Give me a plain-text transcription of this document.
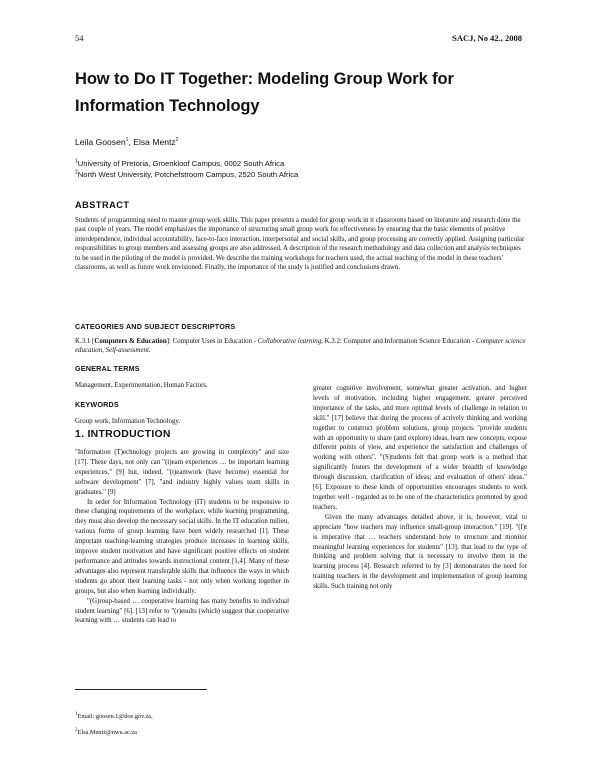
54	SACJ, No 42., 2008
How to Do IT Together: Modeling Group Work for Information Technology
Leila Goosen$^1$, Elsa Mentz$^2$
$^1$University of Pretoria, Groenkloof Campus, 0002 South Africa
$^2$North West University, Potchefstroom Campus, 2520 South Africa
ABSTRACT

Students of programming need to master group work skills. This paper presents a model for group work in it classrooms based on literature and research done the past couple of years. The model emphasizes the importance of structuring small group work for effectiveness by ensuring that the basic elements of positive interdependence, individual accountability, face-to-face interaction, interpersonal and social skills, and group processing are correctly applied. Assigning particular responsibilities to group members and assessing groups are also addressed. A description of the research methodology and data collection and analysis techniques to be used in the piloting of the model is provided. We describe the training workshops for teachers used, the actual teaching of the model in these teachers' classrooms, as well as future work envisioned. Finally, the importance of the study is justified and conclusions drawn.

CATEGORIES AND SUBJECT DESCRIPTORS

K.3.1 [Computers & Education]: Computer Uses in Education - Collaborative learning, K.3.2: Computer and Information Science Education - Computer science education, Self-assessment.

GENERAL TERMS

Management, Experimentation, Human Factors.

KEYWORDS

Group work, Information Technology.

1. INTRODUCTION

"Information (T)echnology projects are growing in complexity" and size [17]. These days, not only can "(t)eam experiences … be important learning experiences," [9] but, indeed, "(t)eamwork (have become) essential for software development" [7], "and industry highly values team skills in graduates." [9]

In order for Information Technology (IT) students to be responsive to these changing requirements of the workplace, while learning programming, they must also develop the necessary social skills. In the IT education milieu, various forms of group learning have been widely researched [1]. These important teaching-learning strategies produce increases in learning skills, improve student motivation and have significant positive effects on student performance and attitudes towards instructional content [1,4]. Many of these advantages also represent transferable skills that influence the ways in which students go about their learning tasks - not only when working together in groups, but also when learning individually.

"(G)roup-based … cooperative learning has many benefits to individual student learning" [6]. [13] refer to "(r)esults (which) suggest that cooperative learning with … students can lead to

greater cognitive involvement, somewhat greater activation, and higher levels of motivation, including higher engagement, greater perceived importance of the tasks, and more optimal levels of challenge in relation to skill." [17] believe that during the process of actively thinking and working together to construct problem solutions, group projects "provide students with an opportunity to share (and explore) ideas, learn new concepts, expose different points of view, and experience the satisfaction and challenges of working with others". "(S)tudents felt that group work is a method that significantly fosters the development of a wider breadth of knowledge through discussion, clarification of ideas; and evaluation of others' ideas." [6]. Exposure to these kinds of opportunities encourages students to work together well - regarded as to be one of the characteristics promoted by good teachers.

Given the many advantages detailed above, it is, however, vital to appreciate "how teachers may influence small-group interaction." [19]. "(I)t is imperative that … teachers understand how to structure and monitor meaningful learning experiences for students" [13], that lead to the type of thinking and problem solving that is necessary to involve them in the learning process [4]. Research referred to by [3] demonstrates the need for training teachers in the development and implementation of group learning skills. Such training not only

$^1$Email: goosen.1@doe.gov.za,
$^2$Elsa.Mentz@nwu.ac.za
